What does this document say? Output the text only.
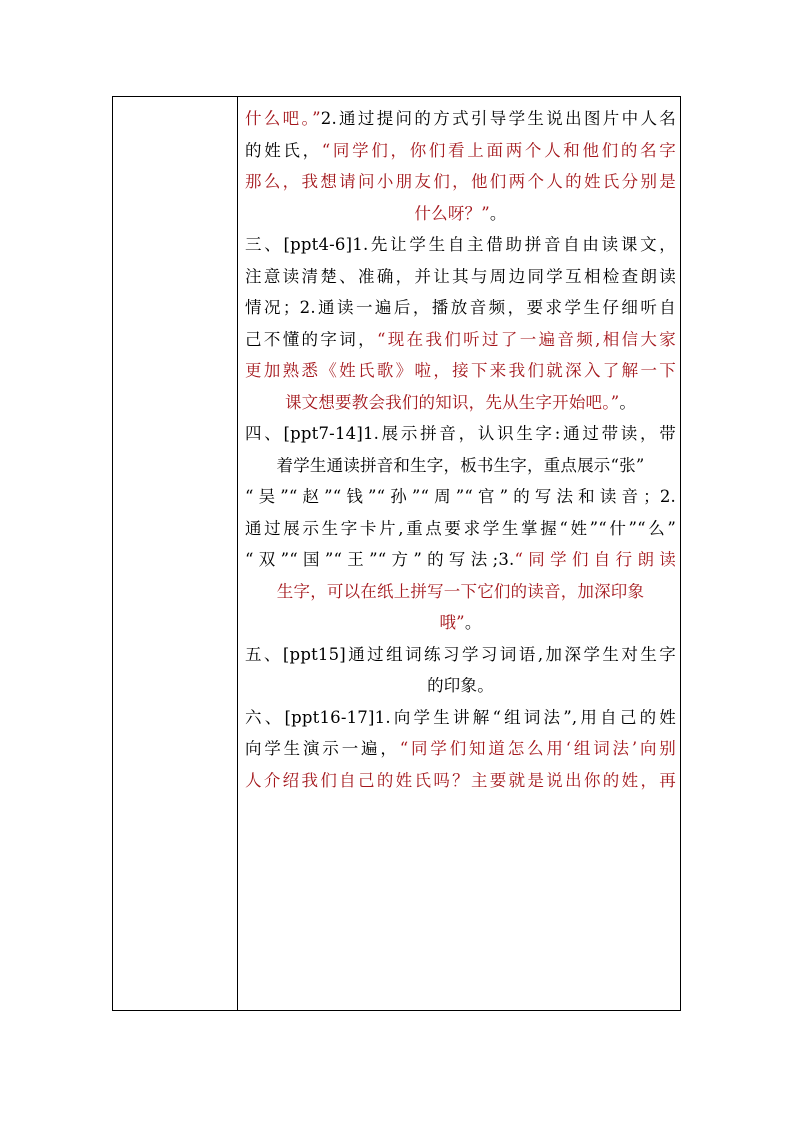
什么吧。”2.通过提问的方式引导学生说出图片中人名
的姓氏，“同学们，你们看上面两个人和他们的名字
那么，我想请问小朋友们，他们两个人的姓氏分别是
什么呀？”。
三、[ppt4-6]1.先让学生自主借助拼音自由读课文，
注意读清楚、准确，并让其与周边同学互相检查朗读
情况；2.通读一遍后，播放音频，要求学生仔细听自
己不懂的字词，“现在我们听过了一遍音频,相信大家
更加熟悉《姓氏歌》啦，接下来我们就深入了解一下
课文想要教会我们的知识，先从生字开始吧。”。
四、[ppt7-14]1.展示拼音，认识生字:通过带读，带
着学生通读拼音和生字，板书生字，重点展示“张”
“吴”“赵”“钱”“孙”“周”“官”的写法和读音；2.
通过展示生字卡片,重点要求学生掌握“姓”“什”“么”
“双”“国”“王”“方”的写法;3.“同学们自行朗读
生字，可以在纸上拼写一下它们的读音，加深印象
哦”。
五、[ppt15]通过组词练习学习词语,加深学生对生字
的印象。
六、[ppt16-17]1.向学生讲解“组词法”,用自己的姓
向学生演示一遍，“同学们知道怎么用‘组词法’向别
人介绍我们自己的姓氏吗？主要就是说出你的姓，再
